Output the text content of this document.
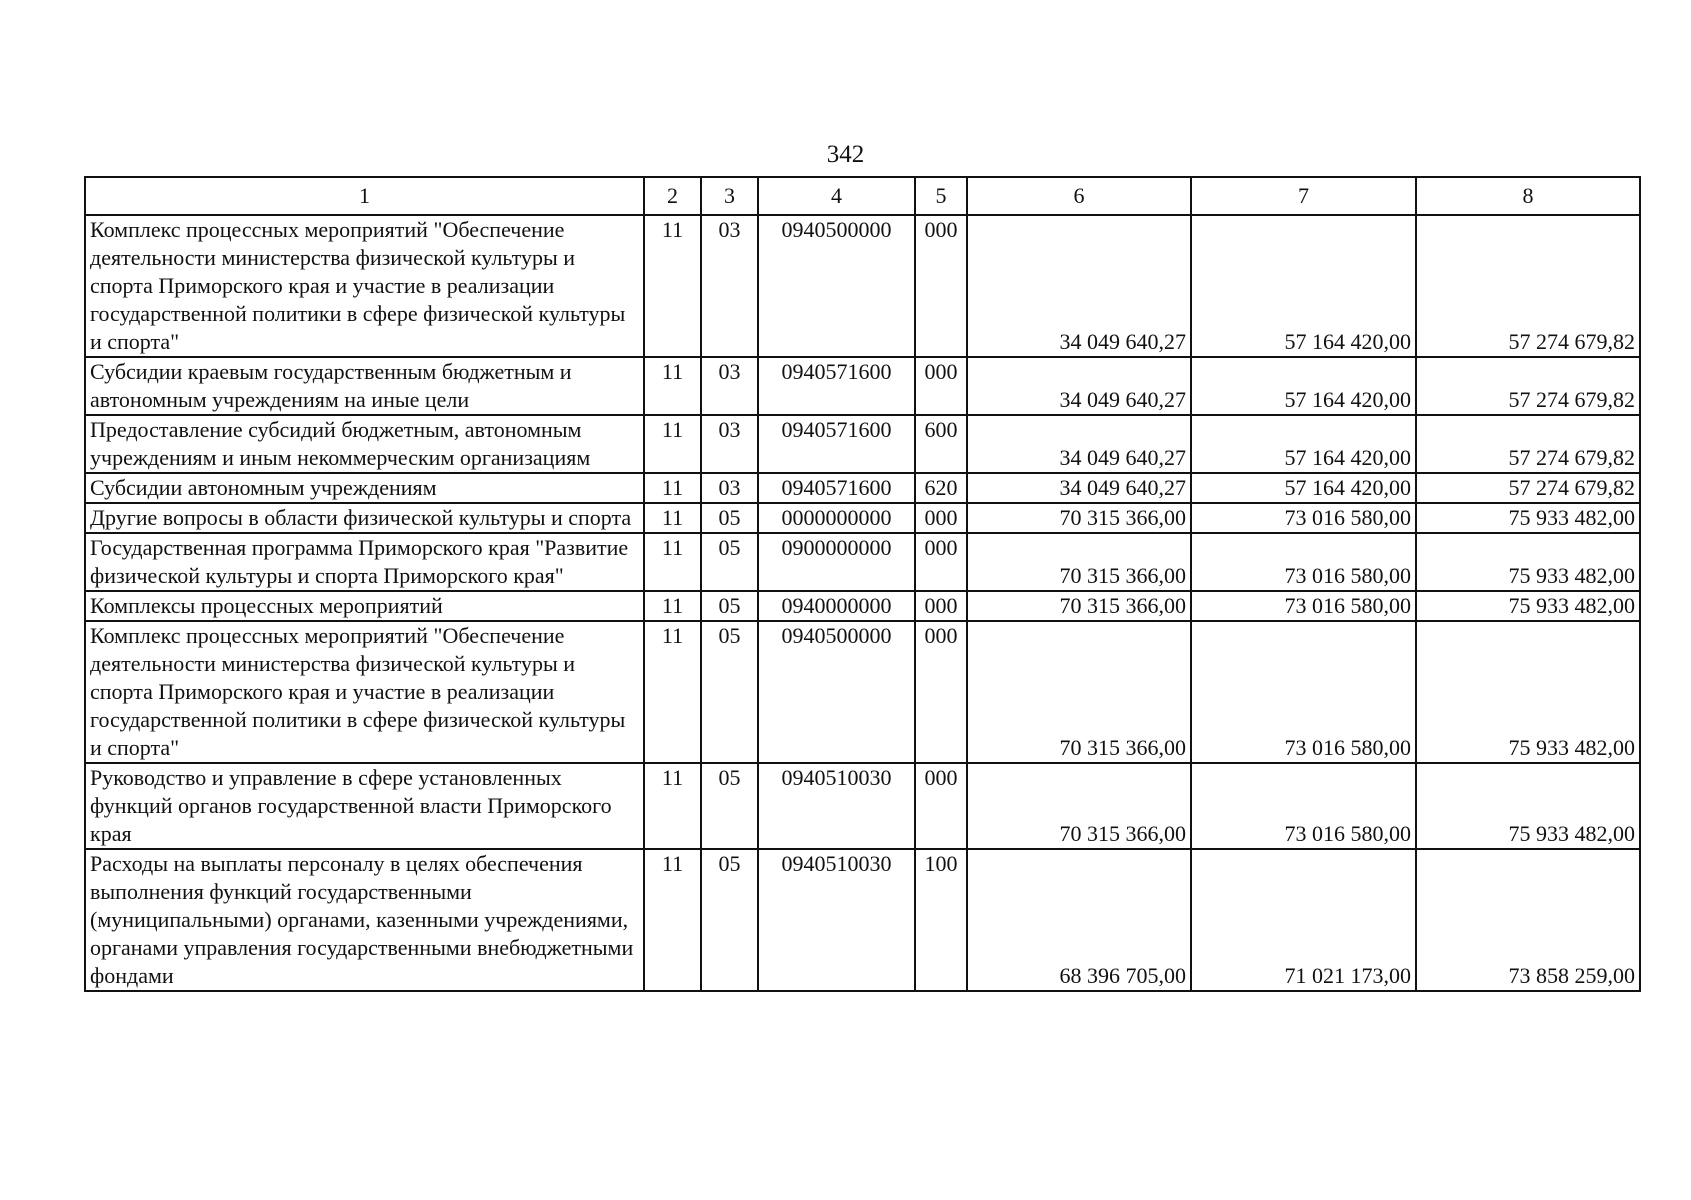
342
1	2	3	4	5	6	7	8
Комплекс процессных мероприятий "Обеспечение деятельности министерства физической культуры и спорта Приморского края и участие в реализации государственной политики в сфере физической культуры и спорта"	11	03	0940500000	000	34 049 640,27	57 164 420,00	57 274 679,82
Субсидии краевым государственным бюджетным и автономным учреждениям на иные цели	11	03	0940571600	000	34 049 640,27	57 164 420,00	57 274 679,82
Предоставление субсидий бюджетным, автономным учреждениям и иным некоммерческим организациям	11	03	0940571600	600	34 049 640,27	57 164 420,00	57 274 679,82
Субсидии автономным учреждениям	11	03	0940571600	620	34 049 640,27	57 164 420,00	57 274 679,82
Другие вопросы в области физической культуры и спорта	11	05	0000000000	000	70 315 366,00	73 016 580,00	75 933 482,00
Государственная программа Приморского края "Развитие физической культуры и спорта Приморского края"	11	05	0900000000	000	70 315 366,00	73 016 580,00	75 933 482,00
Комплексы процессных мероприятий	11	05	0940000000	000	70 315 366,00	73 016 580,00	75 933 482,00
Комплекс процессных мероприятий "Обеспечение деятельности министерства физической культуры и спорта Приморского края и участие в реализации государственной политики в сфере физической культуры и спорта"	11	05	0940500000	000	70 315 366,00	73 016 580,00	75 933 482,00
Руководство и управление в сфере установленных функций органов государственной власти Приморского края	11	05	0940510030	000	70 315 366,00	73 016 580,00	75 933 482,00
Расходы на выплаты персоналу в целях обеспечения выполнения функций государственными (муниципальными) органами, казенными учреждениями, органами управления государственными внебюджетными фондами	11	05	0940510030	100	68 396 705,00	71 021 173,00	73 858 259,00
